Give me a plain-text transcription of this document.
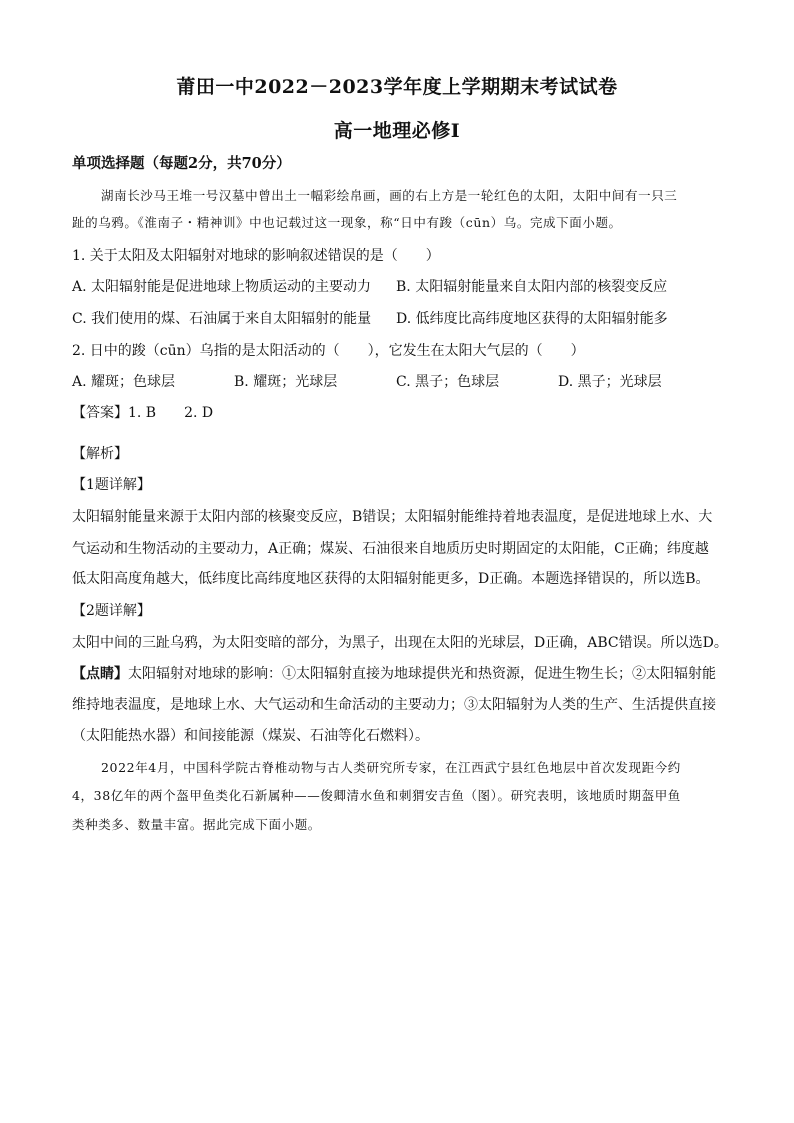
莆田一中2022－2023学年度上学期期末考试试卷
高一地理必修Ⅰ
单项选择题（每题2分，共70分）
湖南长沙马王堆一号汉墓中曾出土一幅彩绘帛画，画的右上方是一轮红色的太阳，太阳中间有一只三
趾的乌鸦。《淮南子・精神训》中也记载过这一现象，称“日中有踆（cūn）乌。完成下面小题。
1. 关于太阳及太阳辐射对地球的影响叙述错误的是（　　）
A. 太阳辐射能是促进地球上物质运动的主要动力 B. 太阳辐射能量来自太阳内部的核裂变反应
C. 我们使用的煤、石油属于来自太阳辐射的能量 D. 低纬度比高纬度地区获得的太阳辐射能多
2. 日中的踆（cūn）乌指的是太阳活动的（　　），它发生在太阳大气层的（　　）
A. 耀斑；色球层	B. 耀斑；光球层	C. 黑子；色球层	D. 黑子；光球层
【答案】1. B　　2. D
【解析】
【1题详解】
太阳辐射能量来源于太阳内部的核聚变反应，B错误；太阳辐射能维持着地表温度，是促进地球上水、大
气运动和生物活动的主要动力，A正确；煤炭、石油很来自地质历史时期固定的太阳能，C正确；纬度越
低太阳高度角越大，低纬度比高纬度地区获得的太阳辐射能更多，D正确。本题选择错误的，所以选B。
【2题详解】
太阳中间的三趾乌鸦，为太阳变暗的部分，为黑子，出现在太阳的光球层，D正确，ABC错误。所以选D。
【点睛】太阳辐射对地球的影响：①太阳辐射直接为地球提供光和热资源，促进生物生长；②太阳辐射能
维持地表温度，是地球上水、大气运动和生命活动的主要动力；③太阳辐射为人类的生产、生活提供直接
（太阳能热水器）和间接能源（煤炭、石油等化石燃料）。
2022年4月，中国科学院古脊椎动物与古人类研究所专家，在江西武宁县红色地层中首次发现距今约
4，38亿年的两个盔甲鱼类化石新属种——俊卿清水鱼和刺猬安吉鱼（图）。研究表明，该地质时期盔甲鱼
类种类多、数量丰富。据此完成下面小题。
